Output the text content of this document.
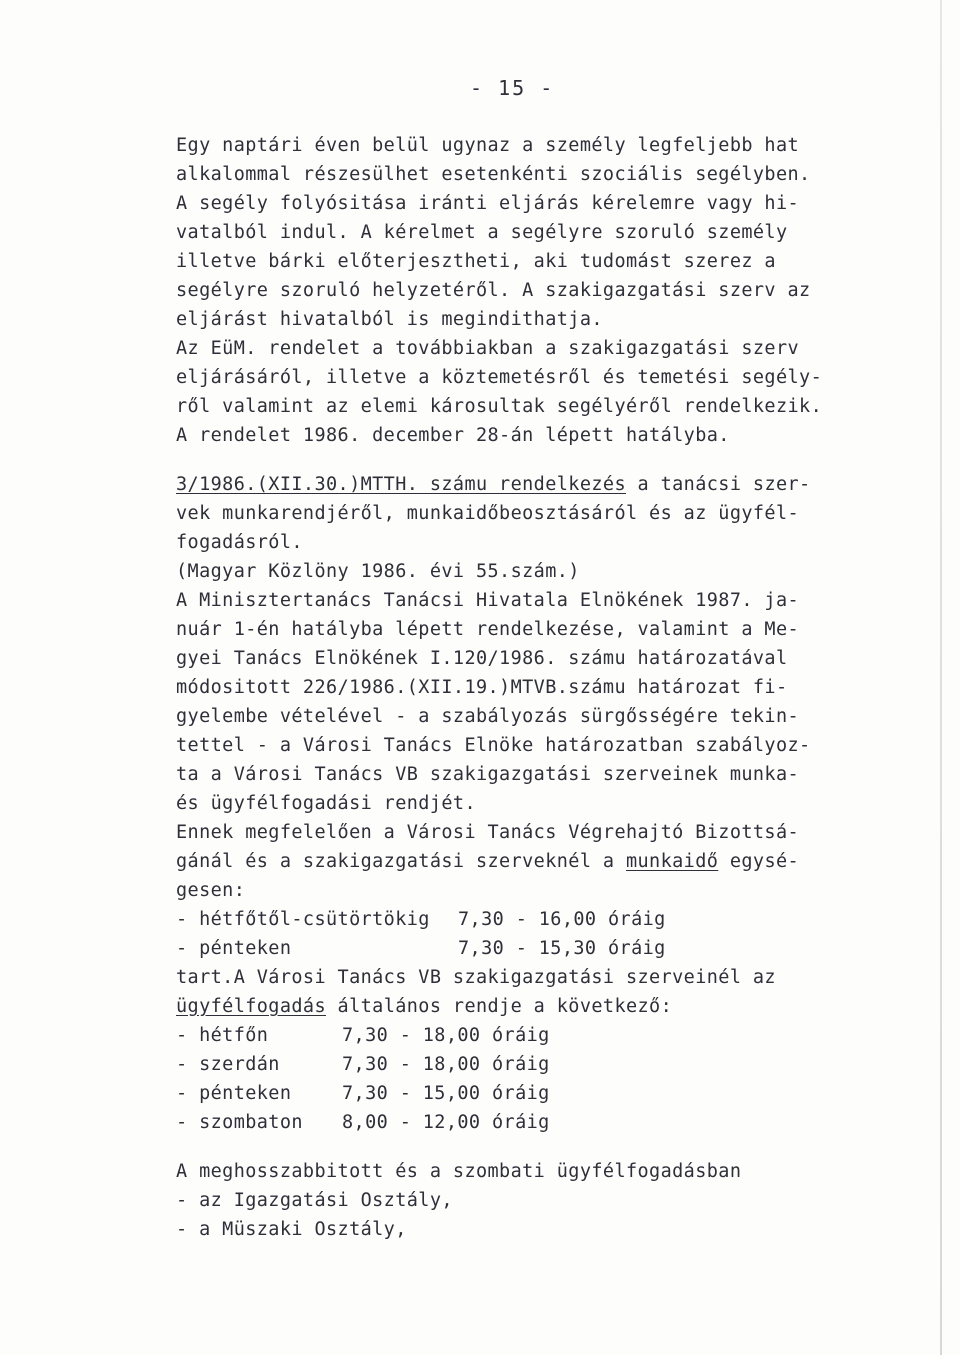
- 15 -
Egy naptári éven belül ugynaz a személy legfeljebb hat
alkalommal részesülhet esetenkénti szociális segélyben.
A segély folyósitása iránti eljárás kérelemre vagy hi-
vatalból indul. A kérelmet a segélyre szoruló személy
illetve bárki előterjesztheti, aki tudomást szerez a
segélyre szoruló helyzetéről. A szakigazgatási szerv az
eljárást hivatalból is megindithatja.
Az EüM. rendelet a továbbiakban a szakigazgatási szerv
eljárásáról, illetve a köztemetésről és temetési segély-
ről valamint az elemi károsultak segélyéről rendelkezik.
A rendelet 1986. december 28-án lépett hatályba.
3/1986.(XII.30.)MTTH. számu rendelkezés a tanácsi szer-
vek munkarendjéről, munkaidőbeosztásáról és az ügyfél-
fogadásról.
(Magyar Közlöny 1986. évi 55.szám.)
A Minisztertanács Tanácsi Hivatala Elnökének 1987. ja-
nuár 1-én hatályba lépett rendelkezése, valamint a Me-
gyei Tanács Elnökének I.120/1986. számu határozatával
módositott 226/1986.(XII.19.)MTVB.számu határozat fi-
gyelembe vételével - a szabályozás sürgősségére tekin-
tettel - a Városi Tanács Elnöke határozatban szabályoz-
ta a Városi Tanács VB szakigazgatási szerveinek munka-
és ügyfélfogadási rendjét.
Ennek megfelelően a Városi Tanács Végrehajtó Bizottsá-
gánál és a szakigazgatási szerveknél a munkaidő egysé-
gesen:
- hétfőtől-csütörtökig 7,30 - 16,00 óráig
- pénteken	7,30 - 15,30 óráig
tart.A Városi Tanács VB szakigazgatási szerveinél az
ügyfélfogadás általános rendje a következő:
- hétfőn	7,30 - 18,00 óráig
- szerdán	7,30 - 18,00 óráig
- pénteken	7,30 - 15,00 óráig
- szombaton 8,00 - 12,00 óráig
A meghosszabbitott és a szombati ügyfélfogadásban
- az Igazgatási Osztály,
- a Müszaki Osztály,
